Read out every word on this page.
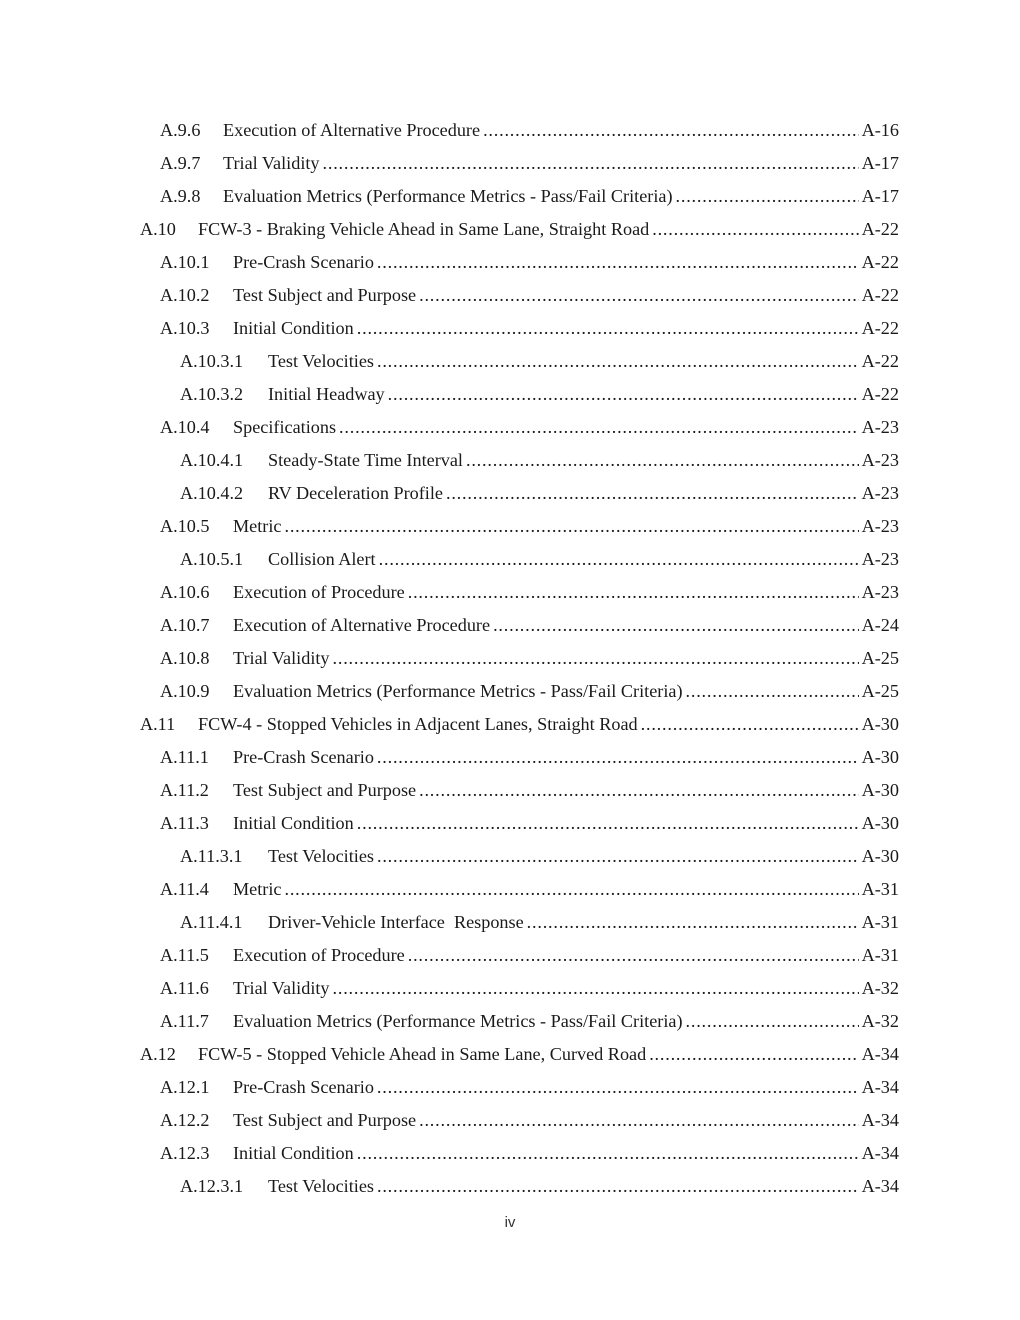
A.9.6	Execution of Alternative Procedure .....	A-16
A.9.7	Trial Validity .....	A-17
A.9.8	Evaluation Metrics (Performance Metrics - Pass/Fail Criteria) .....	A-17
A.10	FCW-3 - Braking Vehicle Ahead in Same Lane, Straight Road .....	A-22
A.10.1	Pre-Crash Scenario .....	A-22
A.10.2	Test Subject and Purpose .....	A-22
A.10.3	Initial Condition .....	A-22
A.10.3.1	Test Velocities .....	A-22
A.10.3.2	Initial Headway .....	A-22
A.10.4	Specifications .....	A-23
A.10.4.1	Steady-State Time Interval .....	A-23
A.10.4.2	RV Deceleration Profile .....	A-23
A.10.5	Metric .....	A-23
A.10.5.1	Collision Alert .....	A-23
A.10.6	Execution of Procedure .....	A-23
A.10.7	Execution of Alternative Procedure .....	A-24
A.10.8	Trial Validity .....	A-25
A.10.9	Evaluation Metrics (Performance Metrics - Pass/Fail Criteria) .....	A-25
A.11	FCW-4 - Stopped Vehicles in Adjacent Lanes, Straight Road .....	A-30
A.11.1	Pre-Crash Scenario .....	A-30
A.11.2	Test Subject and Purpose .....	A-30
A.11.3	Initial Condition .....	A-30
A.11.3.1	Test Velocities .....	A-30
A.11.4	Metric .....	A-31
A.11.4.1	Driver-Vehicle Interface  Response .....	A-31
A.11.5	Execution of Procedure .....	A-31
A.11.6	Trial Validity .....	A-32
A.11.7	Evaluation Metrics (Performance Metrics - Pass/Fail Criteria) .....	A-32
A.12	FCW-5 - Stopped Vehicle Ahead in Same Lane, Curved Road .....	A-34
A.12.1	Pre-Crash Scenario .....	A-34
A.12.2	Test Subject and Purpose .....	A-34
A.12.3	Initial Condition .....	A-34
A.12.3.1	Test Velocities .....	A-34
iv
